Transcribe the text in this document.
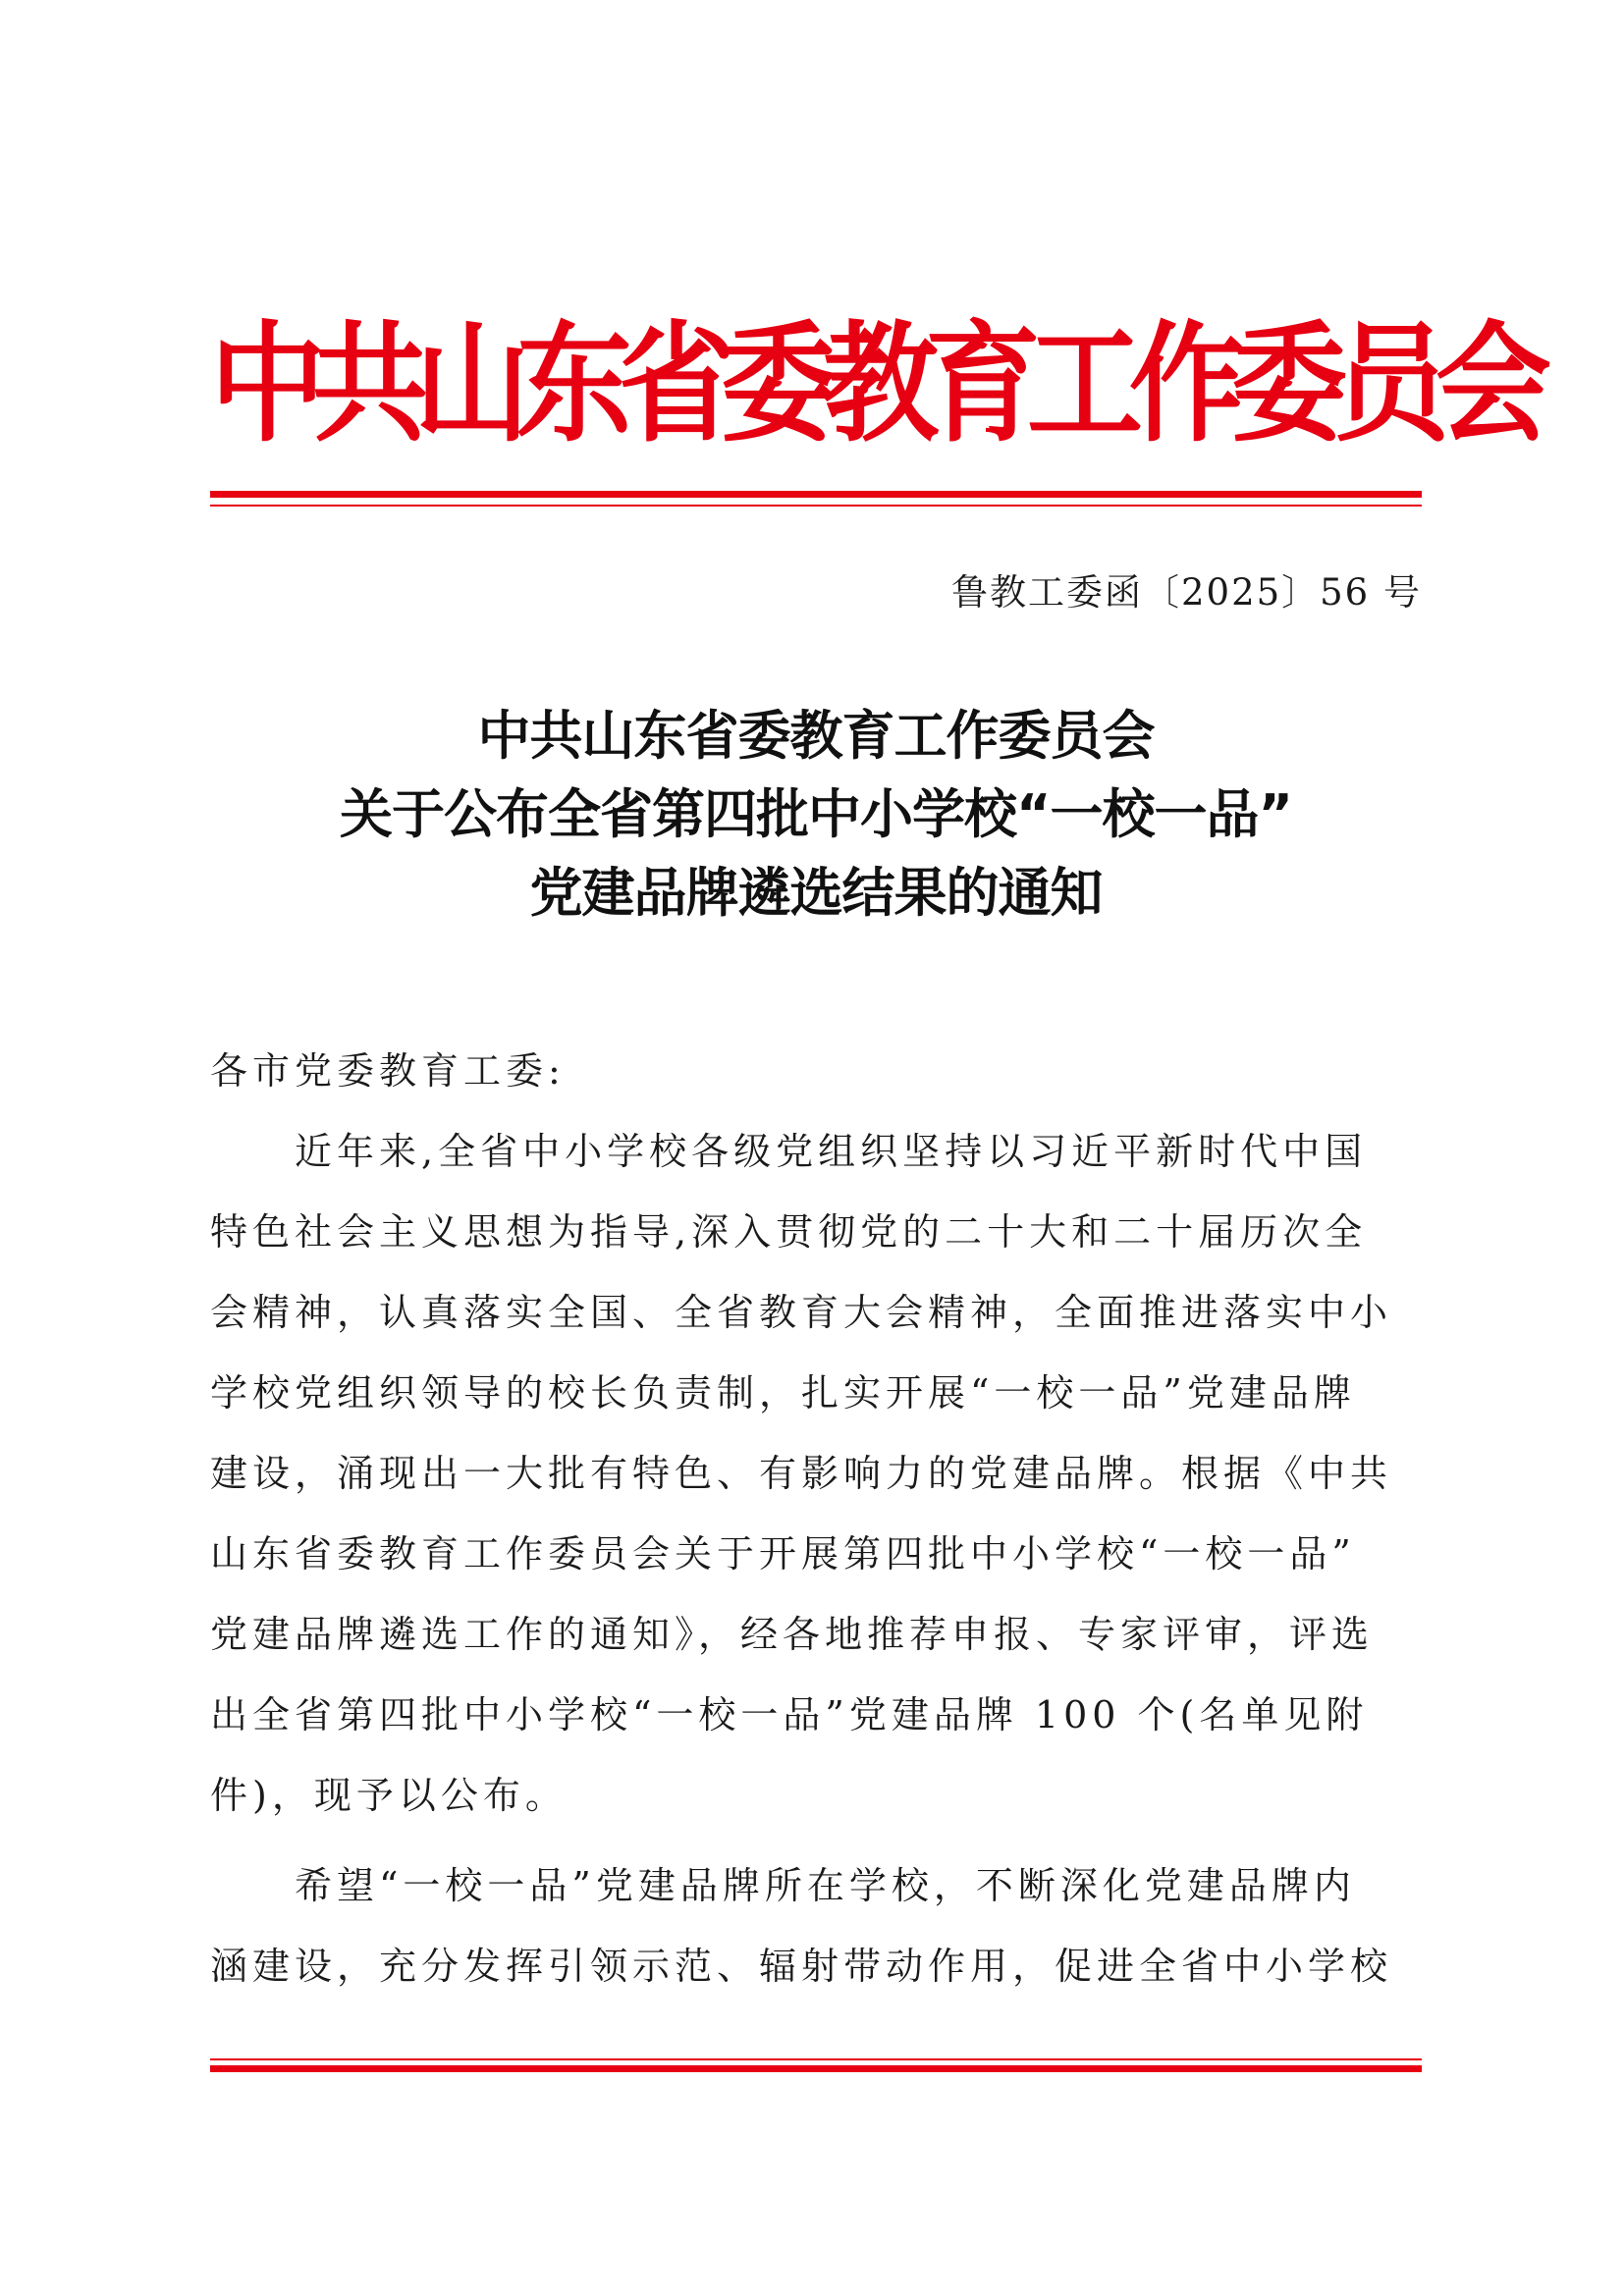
中共山东省委教育工作委员会
鲁教工委函〔2025〕56 号
中共山东省委教育工作委员会
关于公布全省第四批中小学校“一校一品”
党建品牌遴选结果的通知
各市党委教育工委:
　　近年来,全省中小学校各级党组织坚持以习近平新时代中国
特色社会主义思想为指导,深入贯彻党的二十大和二十届历次全
会精神，认真落实全国、全省教育大会精神，全面推进落实中小
学校党组织领导的校长负责制，扎实开展“一校一品”党建品牌
建设，涌现出一大批有特色、有影响力的党建品牌。根据《中共
山东省委教育工作委员会关于开展第四批中小学校“一校一品”
党建品牌遴选工作的通知》，经各地推荐申报、专家评审，评选
出全省第四批中小学校“一校一品”党建品牌 100 个(名单见附
件)，现予以公布。
　　希望“一校一品”党建品牌所在学校，不断深化党建品牌内
涵建设，充分发挥引领示范、辐射带动作用，促进全省中小学校
